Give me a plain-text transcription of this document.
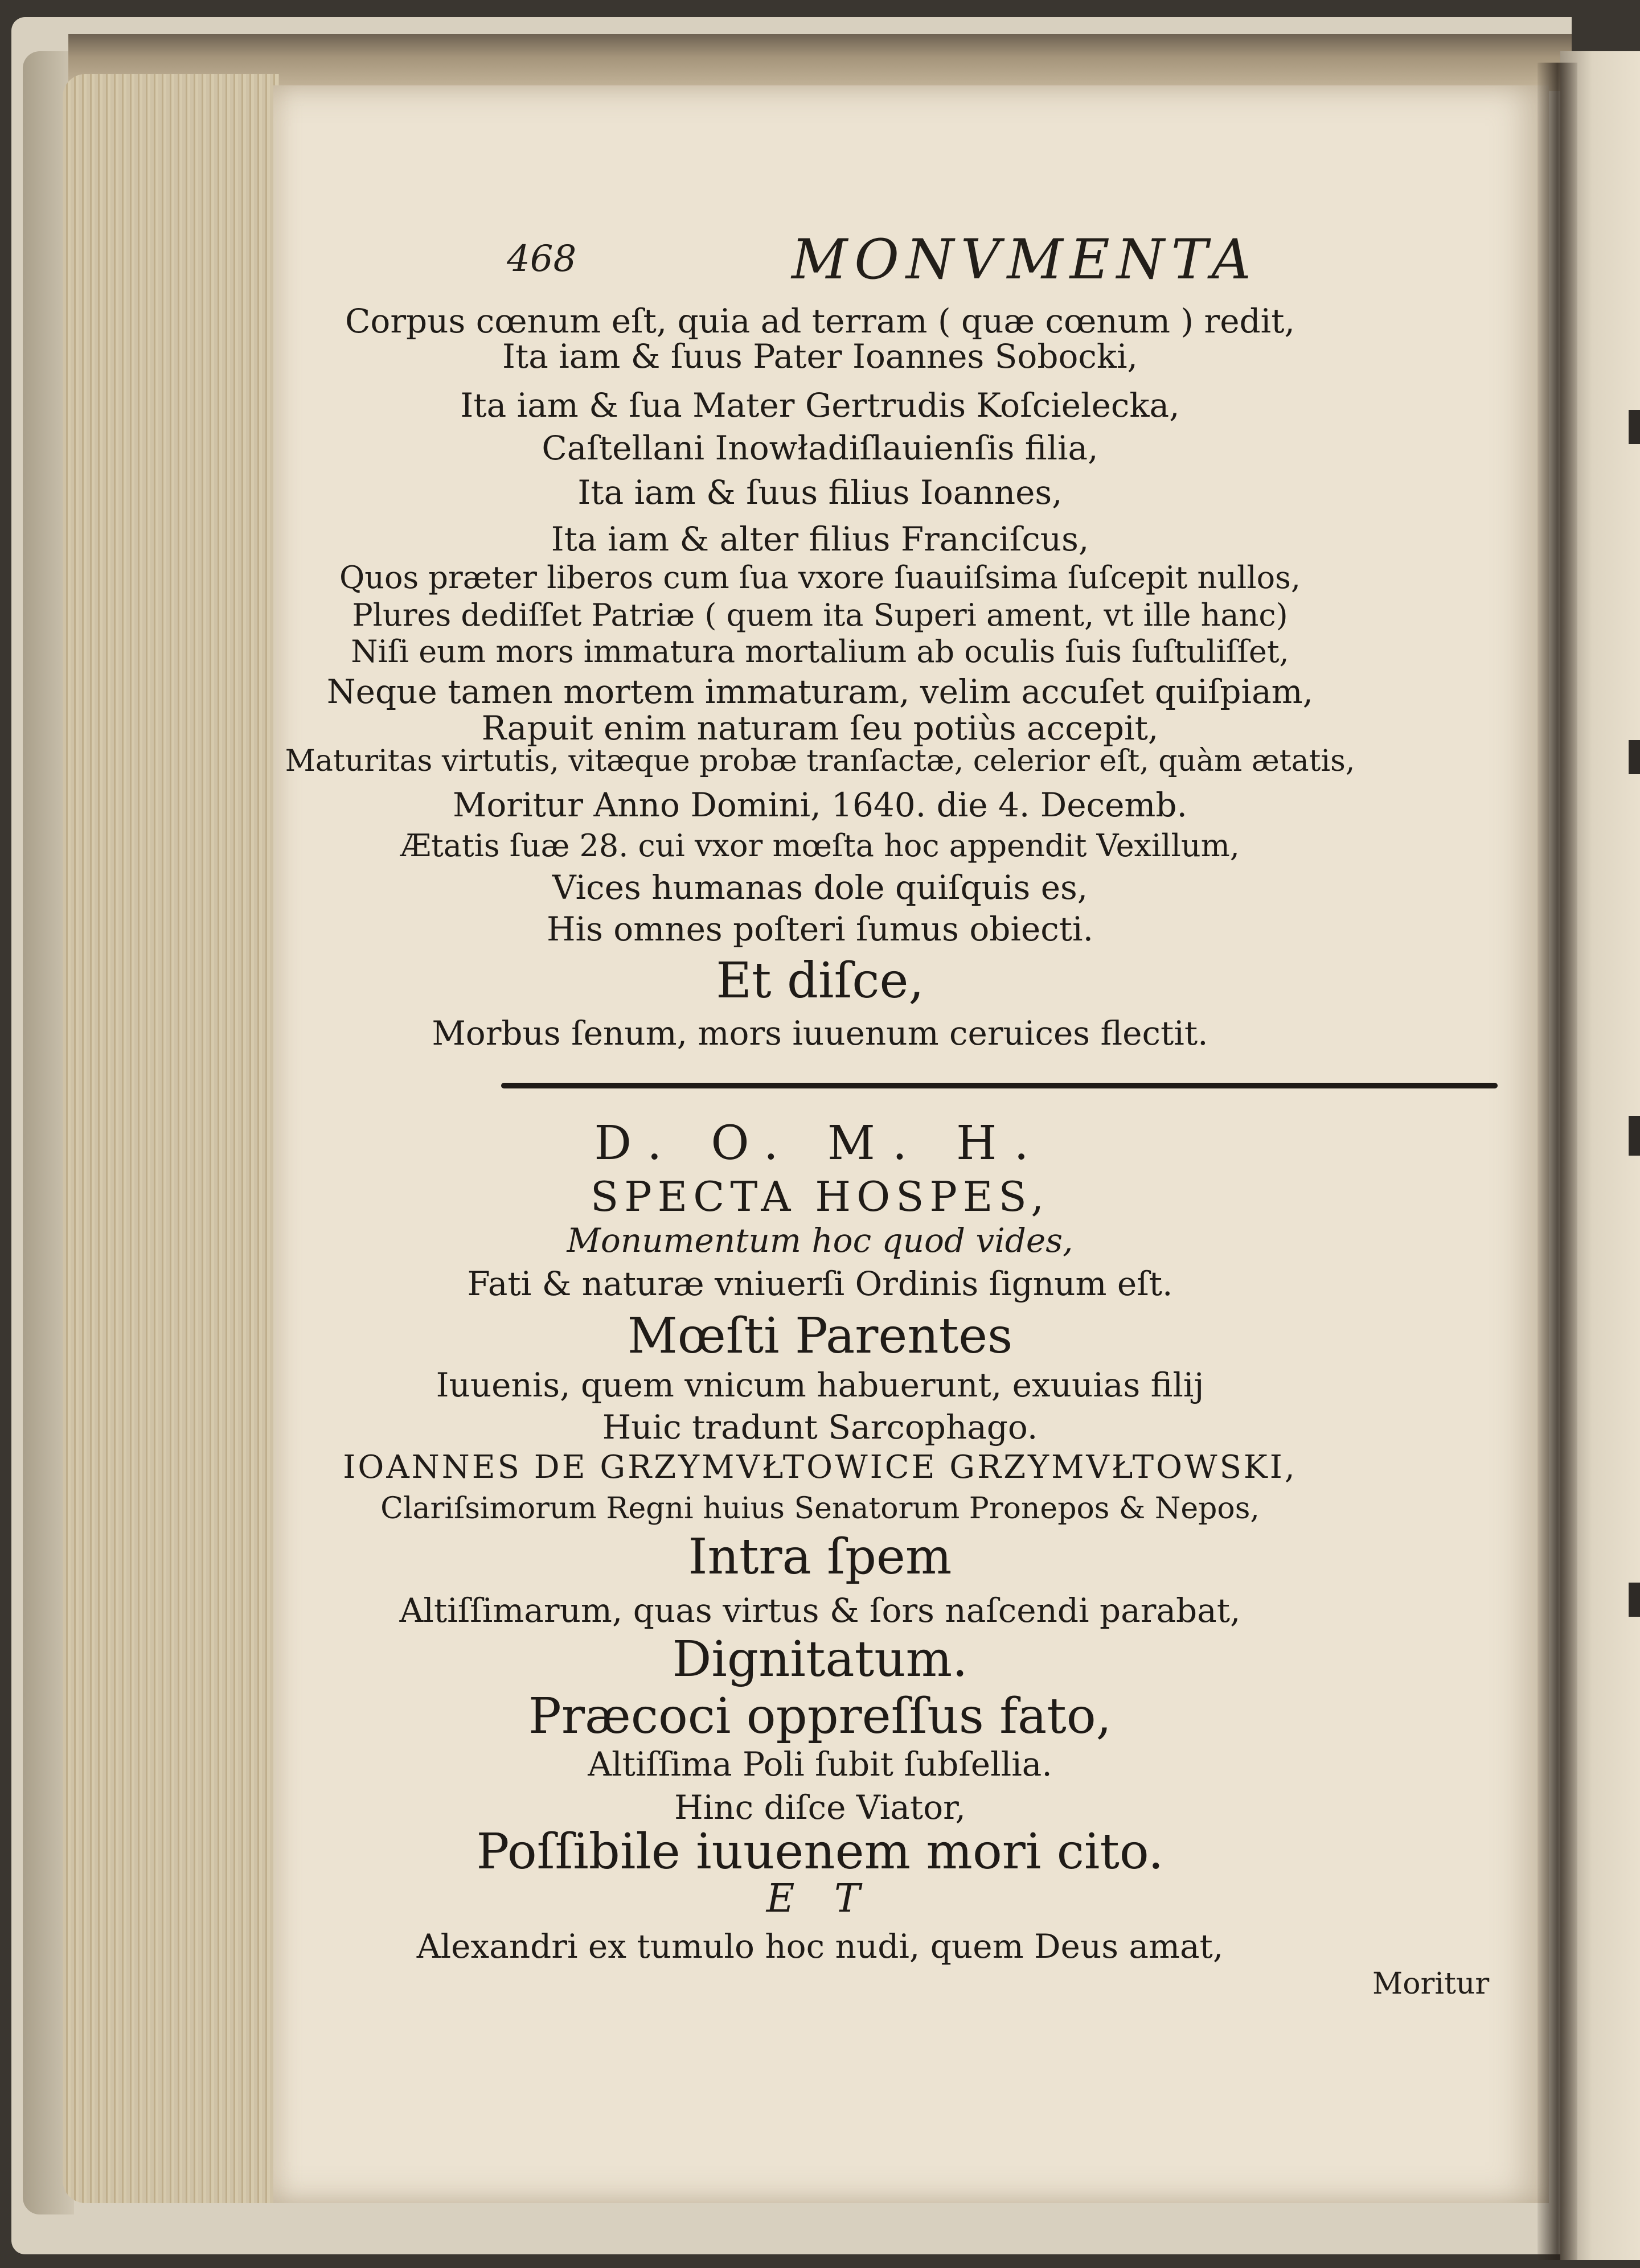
468	MONVMENTA
Corpus cœnum eſt, quia ad terram ( quæ cœnum ) redit,
Ita iam & ſuus Pater Ioannes Sobocki,
Ita iam & ſua Mater Gertrudis Koſcielecka,
Caſtellani Inowładiſlauienſis filia,
Ita iam & ſuus filius Ioannes,
Ita iam & alter filius Franciſcus,
Quos præter liberos cum ſua vxore ſuauiſsima ſuſcepit nullos,
Plures dediſſet Patriæ ( quem ita Superi ament, vt ille hanc)
Niſi eum mors immatura mortalium ab oculis ſuis ſuſtuliſſet,
Neque tamen mortem immaturam, velim accuſet quiſpiam,
Rapuit enim naturam ſeu potiùs accepit,
Maturitas virtutis, vitæque probæ tranſactæ, celerior eſt, quàm ætatis,
Moritur Anno Domini, 1640. die 4. Decemb.
Ætatis ſuæ 28. cui vxor mœſta hoc appendit Vexillum,
Vices humanas dole quiſquis es,
His omnes poſteri ſumus obiecti.
Et diſce,
Morbus ſenum, mors iuuenum ceruices flectit.
D. O. M. H.
SPECTA HOSPES,
Monumentum hoc quod vides,
Fati & naturæ vniuerſi Ordinis ſignum eſt.
Mœſti Parentes
Iuuenis, quem vnicum habuerunt, exuuias filij
Huic tradunt Sarcophago.
IOANNES DE GRZYMVŁTOWICE GRZYMVŁTOWSKI,
Clariſsimorum Regni huius Senatorum Pronepos & Nepos,
Intra ſpem
Altiſſimarum, quas virtus & ſors naſcendi parabat,
Dignitatum.
Præcoci oppreſſus fato,
Altiſſima Poli ſubit ſubſellia.
Hinc diſce Viator,
Poſſibile iuuenem mori cito.
E T
Alexandri ex tumulo hoc nudi, quem Deus amat,
Moritur
